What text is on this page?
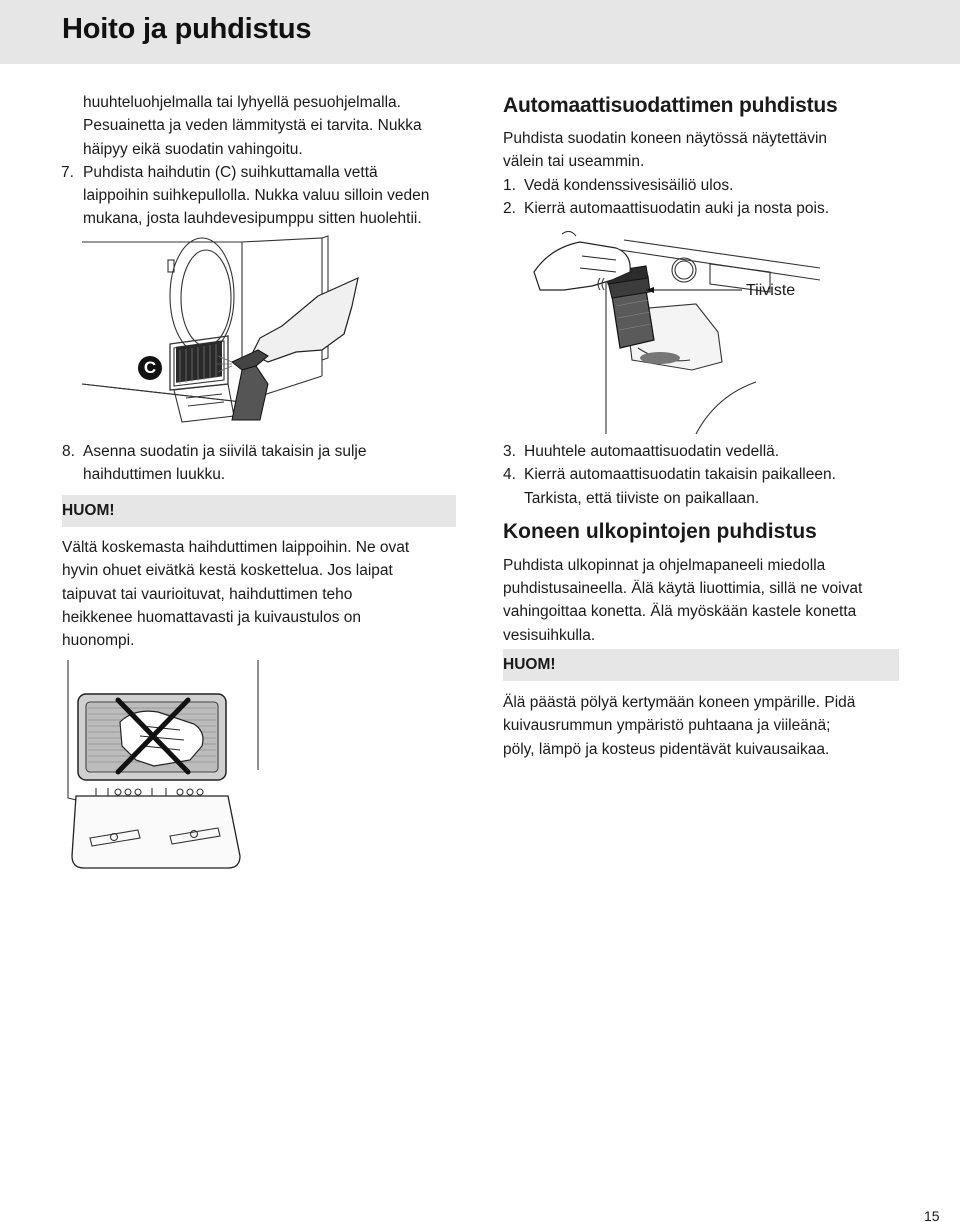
Hoito ja puhdistus
huuhteluohjelmalla tai lyhyellä pesuohjelmalla.
Pesuainetta ja veden lämmitystä ei tarvita. Nukka
häipyy eikä suodatin vahingoitu.
7. Puhdista haihdutin (C) suihkuttamalla vettä
laippoihin suihkepullolla. Nukka valuu silloin veden
mukana, josta lauhdevesipumppu sitten huolehtii.
C
8. Asenna suodatin ja siivilä takaisin ja sulje
haihduttimen luukku.
HUOM!
Vältä koskemasta haihduttimen laippoihin. Ne ovat
hyvin ohuet eivätkä kestä koskettelua. Jos laipat
taipuvat tai vaurioituvat, haihduttimen teho
heikkenee huomattavasti ja kuivaustulos on
huonompi.
Automaattisuodattimen puhdistus
Puhdista suodatin koneen näytössä näytettävin
välein tai useammin.
1. Vedä kondenssivesisäiliö ulos.
2. Kierrä automaattisuodatin auki ja nosta pois.
Tiiviste
3. Huuhtele automaattisuodatin vedellä.
4. Kierrä automaattisuodatin takaisin paikalleen.
Tarkista, että tiiviste on paikallaan.
Koneen ulkopintojen puhdistus
Puhdista ulkopinnat ja ohjelmapaneeli miedolla
puhdistusaineella. Älä käytä liuottimia, sillä ne voivat
vahingoittaa konetta. Älä myöskään kastele konetta
vesisuihkulla.
HUOM!
Älä päästä pölyä kertymään koneen ympärille. Pidä
kuivausrummun ympäristö puhtaana ja viileänä;
pöly, lämpö ja kosteus pidentävät kuivausaikaa.
15
